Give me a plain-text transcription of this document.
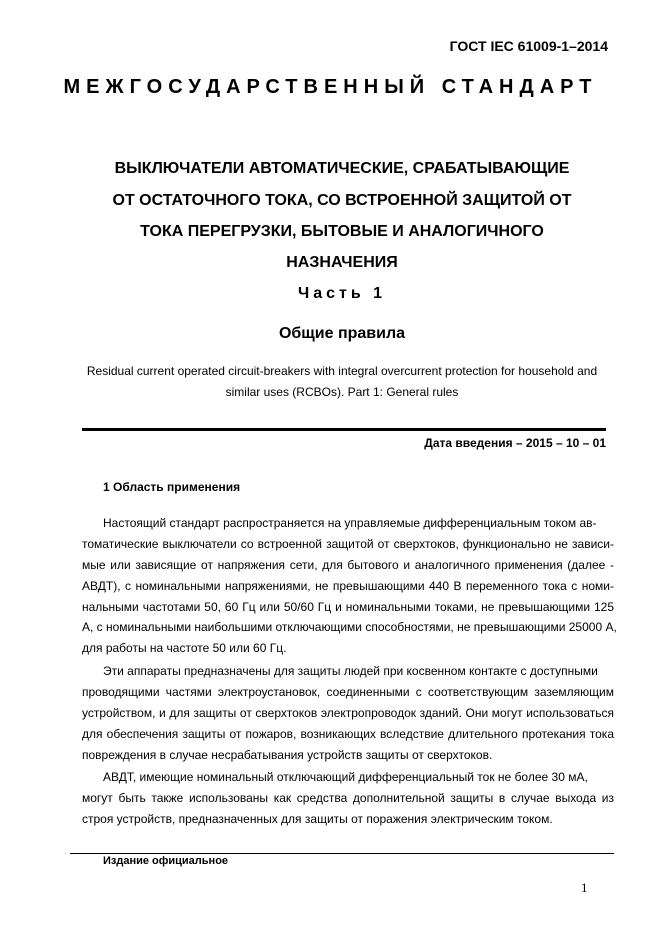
ГОСТ IEC 61009-1–2014
МЕЖГОСУДАРСТВЕННЫЙ СТАНДАРТ
ВЫКЛЮЧАТЕЛИ АВТОМАТИЧЕСКИЕ, СРАБАТЫВАЮЩИЕ
ОТ ОСТАТОЧНОГО ТОКА, СО ВСТРОЕННОЙ ЗАЩИТОЙ ОТ
ТОКА ПЕРЕГРУЗКИ, БЫТОВЫЕ И АНАЛОГИЧНОГО
НАЗНАЧЕНИЯ
Часть 1
Общие правила
Residual current operated circuit-breakers with integral overcurrent protection for household and
similar uses (RCBOs). Part 1: General rules
Дата введения – 2015 – 10 – 01
1 Область применения
Настоящий стандарт распространяется на управляемые дифференциальным током ав-
томатические выключатели со встроенной защитой от сверхтоков, функционально не зависи-
мые или зависящие от напряжения сети, для бытового и аналогичного применения (далее -
АВДТ), с номинальными напряжениями, не превышающими 440 В переменного тока с номи-
нальными частотами 50, 60 Гц или 50/60 Гц и номинальными токами, не превышающими 125
А, с номинальными наибольшими отключающими способностями, не превышающими 25000 А,
для работы на частоте 50 или 60 Гц.
Эти аппараты предназначены для защиты людей при косвенном контакте с доступными
проводящими частями электроустановок, соединенными с соответствующим заземляющим
устройством, и для защиты от сверхтоков электропроводок зданий. Они могут использоваться
для обеспечения защиты от пожаров, возникающих вследствие длительного протекания тока
повреждения в случае несрабатывания устройств защиты от сверхтоков.
АВДТ, имеющие номинальный отключающий дифференциальный ток не более 30 мА,
могут быть также использованы как средства дополнительной защиты в случае выхода из
строя устройств, предназначенных для защиты от поражения электрическим током.
Издание официальное
1
